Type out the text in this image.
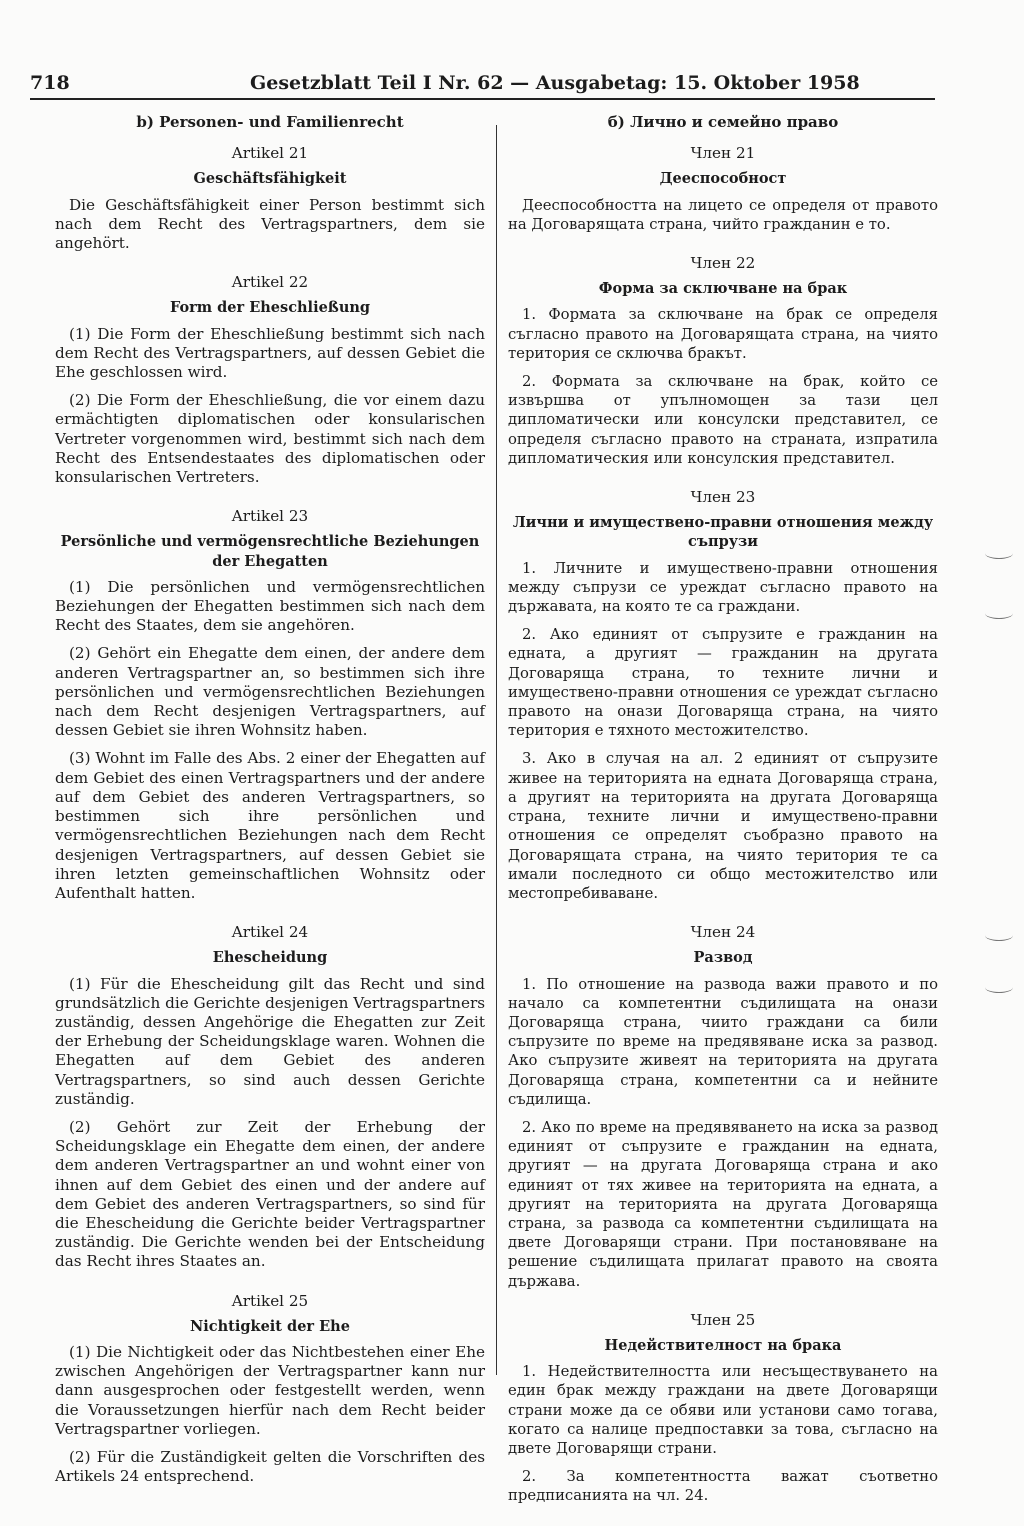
718	Gesetzblatt Teil I Nr. 62 — Ausgabetag: 15. Oktober 1958
b) Personen- und Familienrecht
Artikel 21
Geschäftsfähigkeit

Die Geschäftsfähigkeit einer Person bestimmt sich nach dem Recht des Vertragspartners, dem sie angehört.

Artikel 22
Form der Eheschließung

(1) Die Form der Eheschließung bestimmt sich nach dem Recht des Vertragspartners, auf dessen Gebiet die Ehe geschlossen wird.

(2) Die Form der Eheschließung, die vor einem dazu ermächtigten diplomatischen oder konsularischen Vertreter vorgenommen wird, bestimmt sich nach dem Recht des Entsendestaates des diplomatischen oder konsularischen Vertreters.

Artikel 23
Persönliche und vermögensrechtliche Beziehungen der Ehegatten

(1) Die persönlichen und vermögensrechtlichen Beziehungen der Ehegatten bestimmen sich nach dem Recht des Staates, dem sie angehören.

(2) Gehört ein Ehegatte dem einen, der andere dem anderen Vertragspartner an, so bestimmen sich ihre persönlichen und vermögensrechtlichen Beziehungen nach dem Recht desjenigen Vertragspartners, auf dessen Gebiet sie ihren Wohnsitz haben.

(3) Wohnt im Falle des Abs. 2 einer der Ehegatten auf dem Gebiet des einen Vertragspartners und der andere auf dem Gebiet des anderen Vertragspartners, so bestimmen sich ihre persönlichen und vermögensrechtlichen Beziehungen nach dem Recht desjenigen Vertragspartners, auf dessen Gebiet sie ihren letzten gemeinschaftlichen Wohnsitz oder Aufenthalt hatten.

Artikel 24
Ehescheidung

(1) Für die Ehescheidung gilt das Recht und sind grundsätzlich die Gerichte desjenigen Vertragspartners zuständig, dessen Angehörige die Ehegatten zur Zeit der Erhebung der Scheidungsklage waren. Wohnen die Ehegatten auf dem Gebiet des anderen Vertragspartners, so sind auch dessen Gerichte zuständig.

(2) Gehört zur Zeit der Erhebung der Scheidungsklage ein Ehegatte dem einen, der andere dem anderen Vertragspartner an und wohnt einer von ihnen auf dem Gebiet des einen und der andere auf dem Gebiet des anderen Vertragspartners, so sind für die Ehescheidung die Gerichte beider Vertragspartner zuständig. Die Gerichte wenden bei der Entscheidung das Recht ihres Staates an.

Artikel 25
Nichtigkeit der Ehe

(1) Die Nichtigkeit oder das Nichtbestehen einer Ehe zwischen Angehörigen der Vertragspartner kann nur dann ausgesprochen oder festgestellt werden, wenn die Voraussetzungen hierfür nach dem Recht beider Vertragspartner vorliegen.

(2) Für die Zuständigkeit gelten die Vorschriften des Artikels 24 entsprechend.

б) Лично и семейно право
Член 21
Дееспособност

Дееспособността на лицето се определя от правото на Договарящата страна, чийто гражданин е то.

Член 22
Форма за сключване на брак

1. Формата за сключване на брак се определя съгласно правото на Договарящата страна, на чиято територия се сключва бракът.

2. Формата за сключване на брак, който се извършва от упълномощен за тази цел дипломатически или консулски представител, се определя съгласно правото на страната, изпратила дипломатическия или консулския представител.

Член 23
Лични и имуществено-правни отношения между съпрузи

1. Личните и имуществено-правни отношения между съпрузи се уреждат съгласно правото на държавата, на която те са граждани.

2. Ако единият от съпрузите е гражданин на едната, а другият — гражданин на другата Договаряща страна, то техните лични и имуществено-правни отношения се уреждат съгласно правото на онази Договаряща страна, на чиято територия е тяхното местожителство.

3. Ако в случая на ал. 2 единият от съпрузите живее на територията на едната Договаряща страна, а другият на територията на другата Договаряща страна, техните лични и имуществено-правни отношения се определят съобразно правото на Договарящата страна, на чиято територия те са имали последното си общо местожителство или местопребиваване.

Член 24
Развод

1. По отношение на развода важи правото и по начало са компетентни съдилищата на онази Договаряща страна, чиито граждани са били съпрузите по време на предявяване иска за развод. Ако съпрузите живеят на територията на другата Договаряща страна, компетентни са и нейните съдилища.

2. Ако по време на предявяването на иска за развод единият от съпрузите е гражданин на едната, другият — на другата Договаряща страна и ако единият от тях живее на територията на едната, а другият на територията на другата Договаряща страна, за развода са компетентни съдилищата на двете Договарящи страни. При постановяване на решение съдилищата прилагат правото на своята държава.

Член 25
Недействителност на брака

1. Недействителността или несъществуването на един брак между граждани на двете Договарящи страни може да се обяви или установи само тогава, когато са налице предпоставки за това, съгласно на двете Договарящи страни.

2. За компетентността важат съответно предписанията на чл. 24.
